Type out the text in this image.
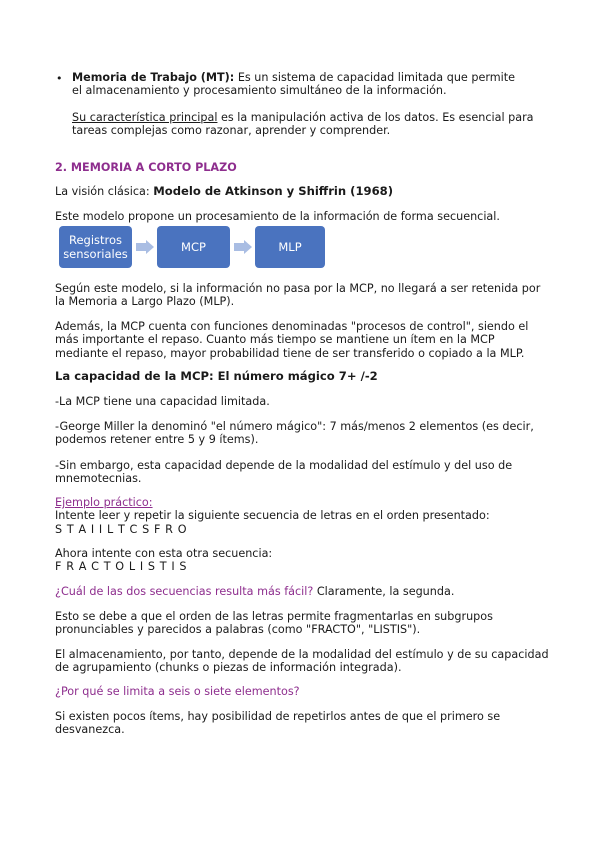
• Memoria de Trabajo (MT): Es un sistema de capacidad limitada que permite
el almacenamiento y procesamiento simultáneo de la información.

Su característica principal es la manipulación activa de los datos. Es esencial para
tareas complejas como razonar, aprender y comprender.

2. MEMORIA A CORTO PLAZO

La visión clásica: Modelo de Atkinson y Shiffrin (1968)

Este modelo propone un procesamiento de la información de forma secuencial.

Registros
sensoriales	MCP	MLP

Según este modelo, si la información no pasa por la MCP, no llegará a ser retenida por
la Memoria a Largo Plazo (MLP).

Además, la MCP cuenta con funciones denominadas "procesos de control", siendo el
más importante el repaso. Cuanto más tiempo se mantiene un ítem en la MCP
mediante el repaso, mayor probabilidad tiene de ser transferido o copiado a la MLP.

La capacidad de la MCP: El número mágico 7+ /-2

-La MCP tiene una capacidad limitada.

-George Miller la denominó "el número mágico": 7 más/menos 2 elementos (es decir,
podemos retener entre 5 y 9 ítems).

-Sin embargo, esta capacidad depende de la modalidad del estímulo y del uso de
mnemotecnias.

Ejemplo práctico:
Intente leer y repetir la siguiente secuencia de letras en el orden presentado:
S T A I I L T C S F R O

Ahora intente con esta otra secuencia:
F R A C T O L I S T I S

¿Cuál de las dos secuencias resulta más fácil? Claramente, la segunda.

Esto se debe a que el orden de las letras permite fragmentarlas en subgrupos
pronunciables y parecidos a palabras (como "FRACTO", "LISTIS").

El almacenamiento, por tanto, depende de la modalidad del estímulo y de su capacidad
de agrupamiento (chunks o piezas de información integrada).

¿Por qué se limita a seis o siete elementos?

Si existen pocos ítems, hay posibilidad de repetirlos antes de que el primero se
desvanezca.
